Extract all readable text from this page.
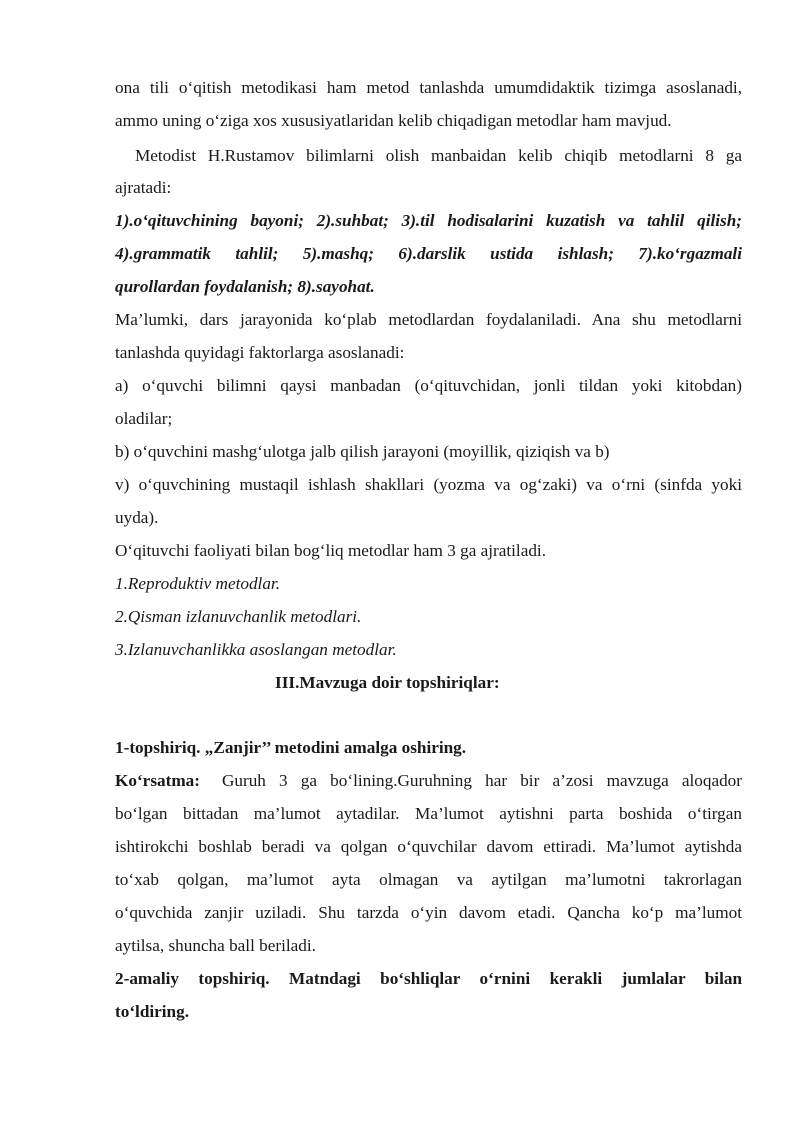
ona tili o‘qitish metodikasi ham metod tanlashda umumdidaktik tizimga asoslanadi,
ammo uning o‘ziga xos xususiyatlaridan kelib chiqadigan metodlar ham mavjud.
Metodist H.Rustamov bilimlarni olish manbaidan kelib chiqib metodlarni 8 ga
ajratadi:
1).o‘qituvchining bayoni; 2).suhbat; 3).til hodisalarini kuzatish va tahlil qilish;
4).grammatik tahlil; 5).mashq; 6).darslik ustida ishlash; 7).ko‘rgazmali
qurollardan foydalanish; 8).sayohat.
Ma’lumki, dars jarayonida ko‘plab metodlardan foydalaniladi. Ana shu metodlarni
tanlashda quyidagi faktorlarga asoslanadi:
a) o‘quvchi bilimni qaysi manbadan (o‘qituvchidan, jonli tildan yoki kitobdan)
oladilar;
b) o‘quvchini mashg‘ulotga jalb qilish jarayoni (moyillik, qiziqish va b)
v) o‘quvchining mustaqil ishlash shakllari (yozma va og‘zaki) va o‘rni (sinfda yoki
uyda).
O‘qituvchi faoliyati bilan bog‘liq metodlar ham 3 ga ajratiladi.
1.Reproduktiv metodlar.
2.Qisman izlanuvchanlik metodlari.
3.Izlanuvchanlikka asoslangan metodlar.
III.Mavzuga doir topshiriqlar:
1-topshiriq. „Zanjir’’ metodini amalga oshiring.
Ko‘rsatma: Guruh 3 ga bo‘lining.Guruhning har bir a’zosi mavzuga aloqador
bo‘lgan bittadan ma’lumot aytadilar. Ma’lumot aytishni parta boshida o‘tirgan
ishtirokchi boshlab beradi va qolgan o‘quvchilar davom ettiradi. Ma’lumot aytishda
to‘xab qolgan, ma’lumot ayta olmagan va aytilgan ma’lumotni takrorlagan
o‘quvchida zanjir uziladi. Shu tarzda o‘yin davom etadi. Qancha ko‘p ma’lumot
aytilsa, shuncha ball beriladi.
2-amaliy topshiriq. Matndagi bo‘shliqlar o‘rnini kerakli jumlalar bilan
to‘ldiring.
